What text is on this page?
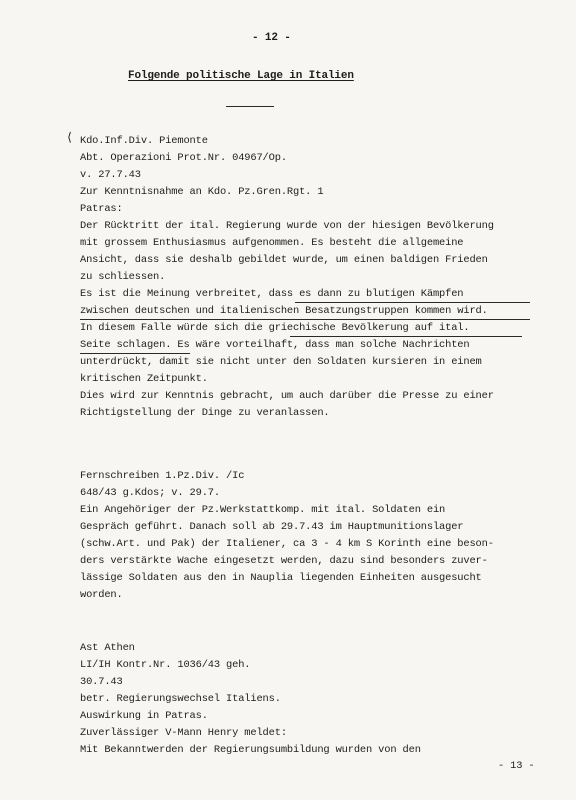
- 12 -
Folgende politische Lage in Italien
⟨ Kdo.Inf.Div. Piemonte
Abt. Operazioni Prot.Nr. 04967/Op.
v. 27.7.43
Zur Kenntnisnahme an Kdo. Pz.Gren.Rgt. 1
Patras:
Der Rücktritt der ital. Regierung wurde von der hiesigen Bevölkerung
mit grossem Enthusiasmus aufgenommen. Es besteht die allgemeine
Ansicht, dass sie deshalb gebildet wurde, um einen baldigen Frieden
zu schliessen.
Es ist die Meinung verbreitet, dass es dann zu blutigen Kämpfen
zwischen deutschen und italienischen Besatzungstruppen kommen wird.
In diesem Falle würde sich die griechische Bevölkerung auf ital.
Seite schlagen. Es wäre vorteilhaft, dass man solche Nachrichten
unterdrückt, damit sie nicht unter den Soldaten kursieren in einem
kritischen Zeitpunkt.
Dies wird zur Kenntnis gebracht, um auch darüber die Presse zu einer
Richtigstellung der Dinge zu veranlassen.
Fernschreiben 1.Pz.Div. /Ic
648/43 g.Kdos; v. 29.7.
Ein Angehöriger der Pz.Werkstattkomp. mit ital. Soldaten ein
Gespräch geführt. Danach soll ab 29.7.43 im Hauptmunitionslager
(schw.Art. und Pak) der Italiener, ca 3 - 4 km S Korinth eine beson-
ders verstärkte Wache eingesetzt werden, dazu sind besonders zuver-
lässige Soldaten aus den in Nauplia liegenden Einheiten ausgesucht
worden.
Ast Athen
LI/IH Kontr.Nr. 1036/43 geh.
30.7.43
betr. Regierungswechsel Italiens.
Auswirkung in Patras.
Zuverlässiger V-Mann Henry meldet:
Mit Bekanntwerden der Regierungsumbildung wurden von den
- 13 -
